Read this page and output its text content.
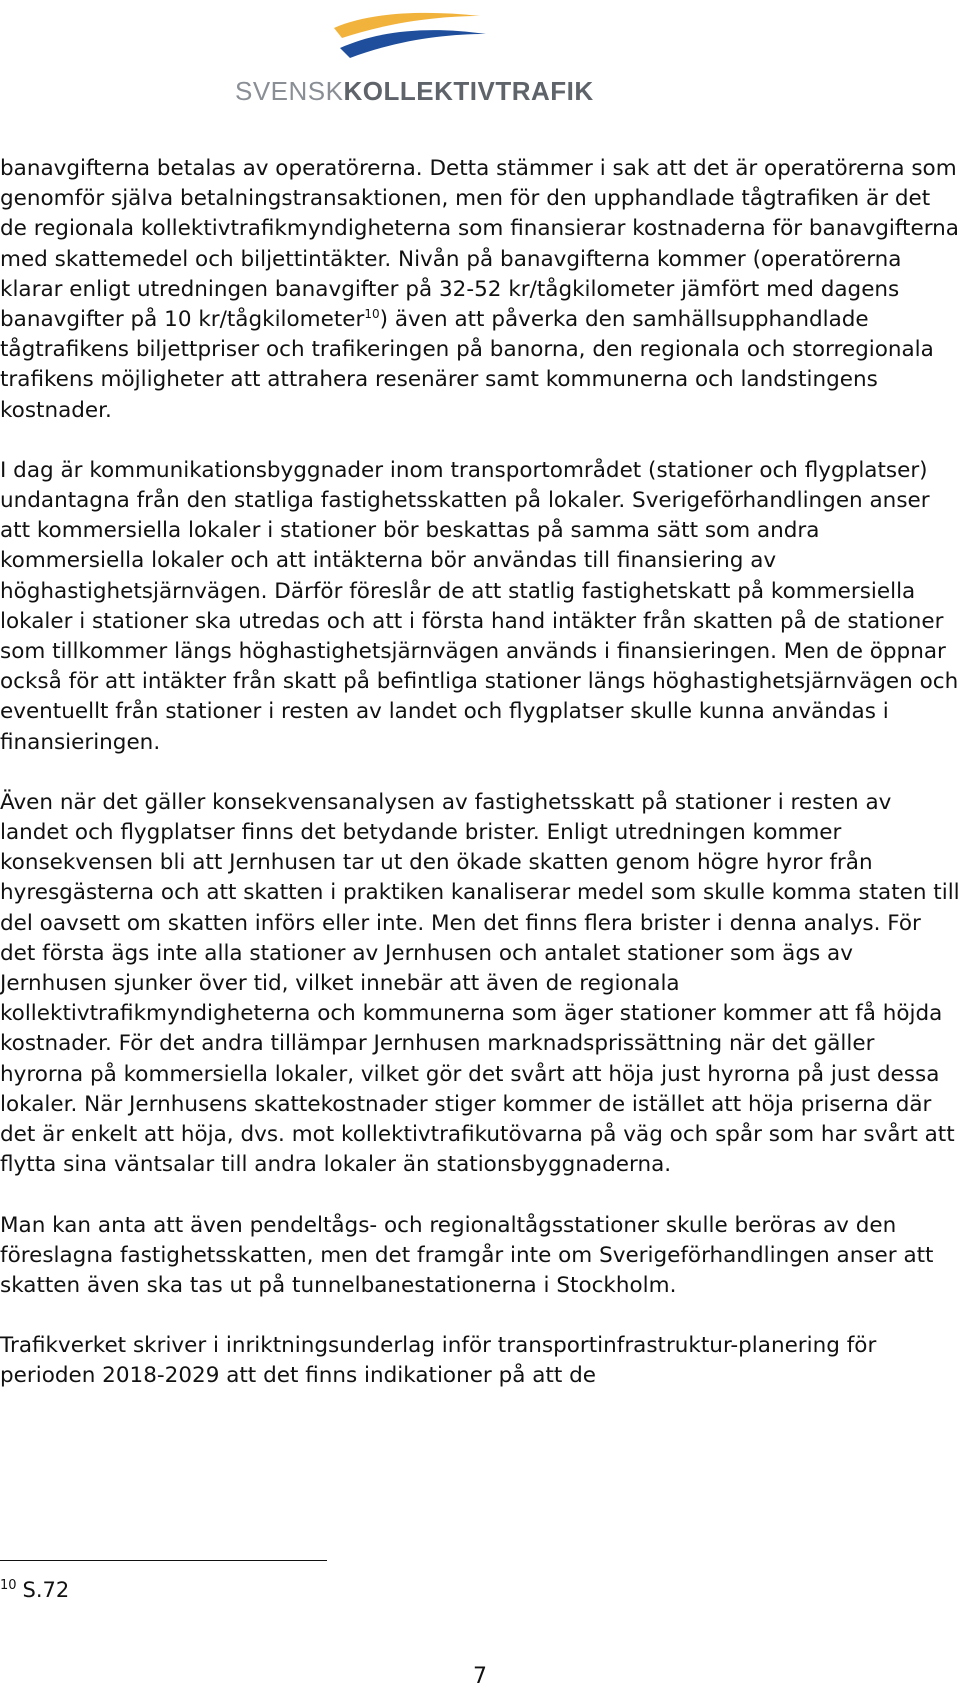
SVENSKKOLLEKTIVTRAFIK

banavgifterna betalas av operatörerna. Detta stämmer i sak att det är operatörerna som genomför själva betalningstransaktionen, men för den upphandlade tågtrafiken är det de regionala kollektivtrafikmyndigheterna som finansierar kostnaderna för banavgifterna med skattemedel och biljettintäkter. Nivån på banavgifterna kommer (operatörerna klarar enligt utredningen banavgifter på 32-52 kr/tågkilometer jämfört med dagens banavgifter på 10 kr/tågkilometer$^{10}$) även att påverka den samhällsupphandlade tågtrafikens biljettpriser och trafikeringen på banorna, den regionala och storregionala trafikens möjligheter att attrahera resenärer samt kommunerna och landstingens kostnader.

I dag är kommunikationsbyggnader inom transportområdet (stationer och flygplatser) undantagna från den statliga fastighetsskatten på lokaler. Sverigeförhandlingen anser att kommersiella lokaler i stationer bör beskattas på samma sätt som andra kommersiella lokaler och att intäkterna bör användas till finansiering av höghastighetsjärnvägen. Därför föreslår de att statlig fastighetskatt på kommersiella lokaler i stationer ska utredas och att i första hand intäkter från skatten på de stationer som tillkommer längs höghastighetsjärnvägen används i finansieringen. Men de öppnar också för att intäkter från skatt på befintliga stationer längs höghastighetsjärnvägen och eventuellt från stationer i resten av landet och flygplatser skulle kunna användas i finansieringen.

Även när det gäller konsekvensanalysen av fastighetsskatt på stationer i resten av landet och flygplatser finns det betydande brister. Enligt utredningen kommer konsekvensen bli att Jernhusen tar ut den ökade skatten genom högre hyror från hyresgästerna och att skatten i praktiken kanaliserar medel som skulle komma staten till del oavsett om skatten införs eller inte. Men det finns flera brister i denna analys. För det första ägs inte alla stationer av Jernhusen och antalet stationer som ägs av Jernhusen sjunker över tid, vilket innebär att även de regionala kollektivtrafikmyndigheterna och kommunerna som äger stationer kommer att få höjda kostnader. För det andra tillämpar Jernhusen marknadsprissättning när det gäller hyrorna på kommersiella lokaler, vilket gör det svårt att höja just hyrorna på just dessa lokaler. När Jernhusens skattekostnader stiger kommer de istället att höja priserna där det är enkelt att höja, dvs. mot kollektivtrafikutövarna på väg och spår som har svårt att flytta sina väntsalar till andra lokaler än stationsbyggnaderna.

Man kan anta att även pendeltågs- och regionaltågsstationer skulle beröras av den föreslagna fastighetsskatten, men det framgår inte om Sverigeförhandlingen anser att skatten även ska tas ut på tunnelbanestationerna i Stockholm.

Trafikverket skriver i inriktningsunderlag inför transportinfrastruktur-planering för perioden 2018-2029 att det finns indikationer på att de

$^{10}$ S.72
7
